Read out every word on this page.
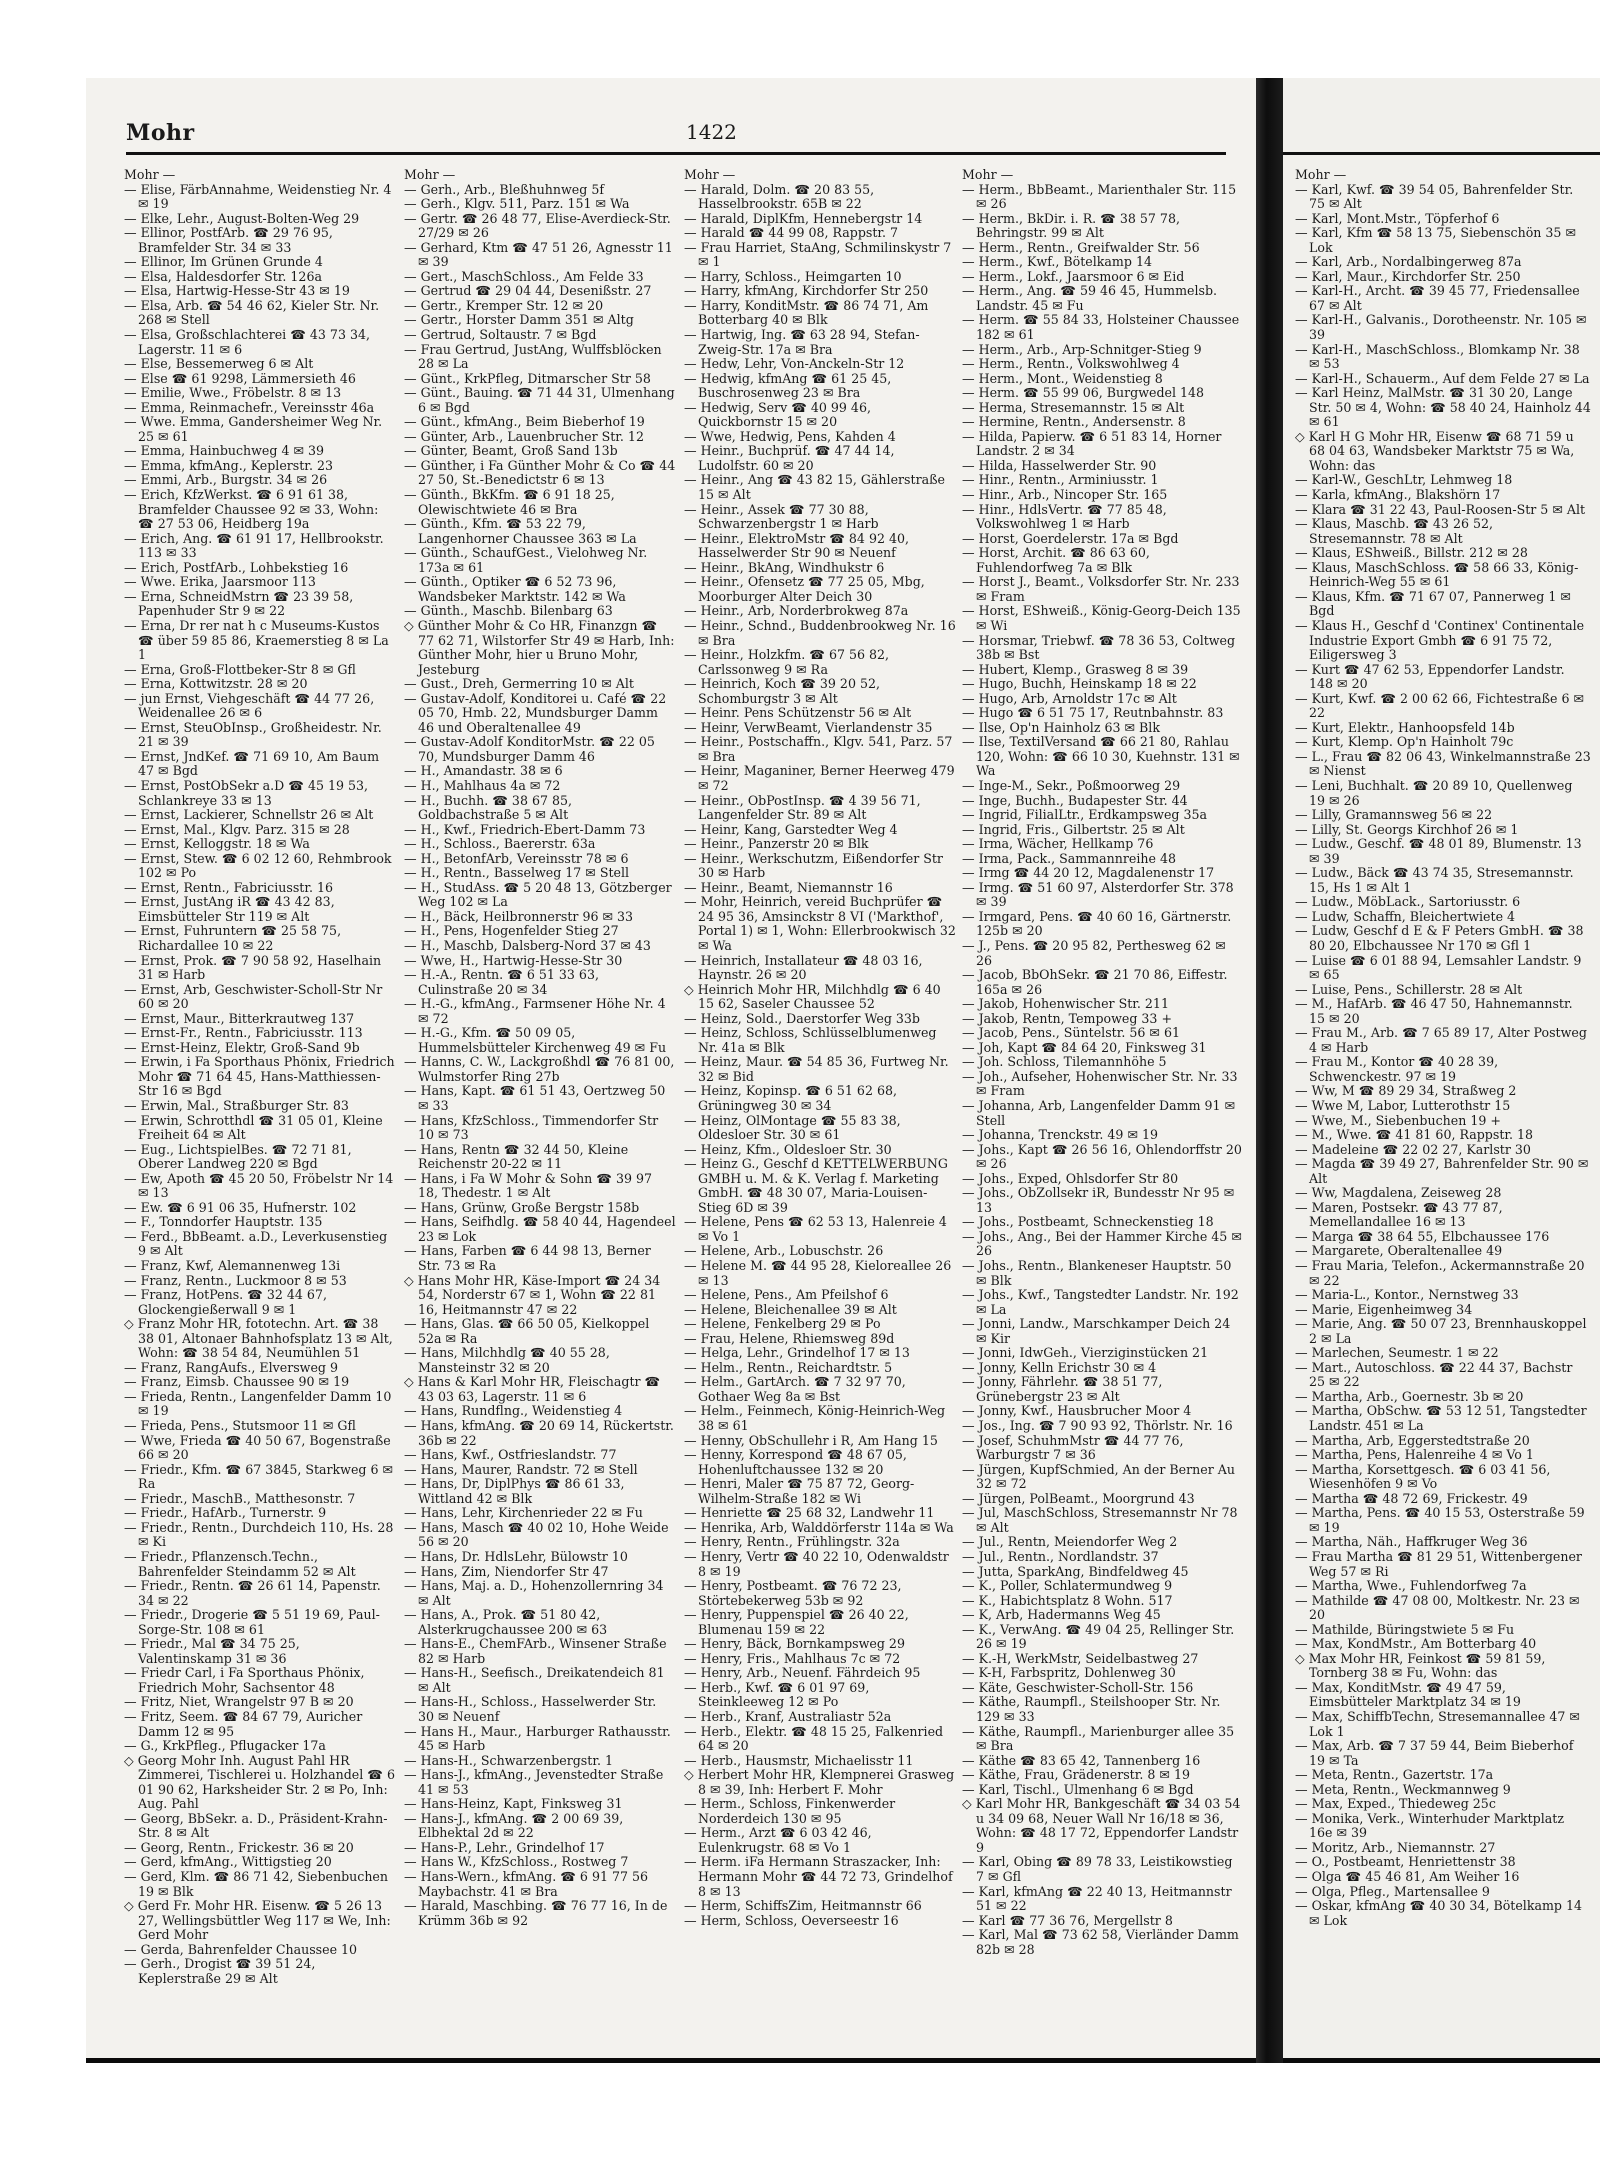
Mohr	1422
Mohr —
— Elise, FärbAnnahme, Weidenstieg Nr. 4 ✉ 19
— Elke, Lehr., August-Bolten-Weg 29
— Ellinor, PostfArb. ☎ 29 76 95, Bramfelder Str. 34 ✉ 33
— Ellinor, Im Grünen Grunde 4
— Elsa, Haldesdorfer Str. 126a
— Elsa, Hartwig-Hesse-Str 43 ✉ 19
— Elsa, Arb. ☎ 54 46 62, Kieler Str. Nr. 268 ✉ Stell
— Elsa, Großschlachterei ☎ 43 73 34, Lagerstr. 11 ✉ 6
— Else, Bessemerweg 6 ✉ Alt
— Else ☎ 61 9298, Lämmersieth 46
— Emilie, Wwe., Fröbelstr. 8 ✉ 13
— Emma, Reinmachefr., Vereinsstr 46a
— Wwe. Emma, Gandersheimer Weg Nr. 25 ✉ 61
— Emma, Hainbuchweg 4 ✉ 39
— Emma, kfmAng., Keplerstr. 23
— Emmi, Arb., Burgstr. 34 ✉ 26
— Erich, KfzWerkst. ☎ 6 91 61 38, Bramfelder Chaussee 92 ✉ 33, Wohn: ☎ 27 53 06, Heidberg 19a
— Erich, Ang. ☎ 61 91 17, Hellbrookstr. 113 ✉ 33
— Erich, PostfArb., Lohbekstieg 16
— Wwe. Erika, Jaarsmoor 113
— Erna, SchneidMstrn ☎ 23 39 58, Papenhuder Str 9 ✉ 22
— Erna, Dr rer nat h c Museums-Kustos ☎ über 59 85 86, Kraemerstieg 8 ✉ La 1
— Erna, Groß-Flottbeker-Str 8 ✉ Gfl
— Erna, Kottwitzstr. 28 ✉ 20
— jun Ernst, Viehgeschäft ☎ 44 77 26, Weidenallee 26 ✉ 6
— Ernst, SteuObInsp., Großheidestr. Nr. 21 ✉ 39
— Ernst, JndKef. ☎ 71 69 10, Am Baum 47 ✉ Bgd
— Ernst, PostObSekr a.D ☎ 45 19 53, Schlankreye 33 ✉ 13
— Ernst, Lackierer, Schnellstr 26 ✉ Alt
— Ernst, Mal., Klgv. Parz. 315 ✉ 28
— Ernst, Kelloggstr. 18 ✉ Wa
— Ernst, Stew. ☎ 6 02 12 60, Rehmbrook 102 ✉ Po
— Ernst, Rentn., Fabriciusstr. 16
— Ernst, JustAng iR ☎ 43 42 83, Eimsbütteler Str 119 ✉ Alt
— Ernst, Fuhruntern ☎ 25 58 75, Richardallee 10 ✉ 22
— Ernst, Prok. ☎ 7 90 58 92, Haselhain 31 ✉ Harb
— Ernst, Arb, Geschwister-Scholl-Str Nr 60 ✉ 20
— Ernst, Maur., Bitterkrautweg 137
— Ernst-Fr., Rentn., Fabriciusstr. 113
— Ernst-Heinz, Elektr, Groß-Sand 9b
— Erwin, i Fa Sporthaus Phönix, Friedrich Mohr ☎ 71 64 45, Hans-Matthiessen-Str 16 ✉ Bgd
— Erwin, Mal., Straßburger Str. 83
— Erwin, Schrotthdl ☎ 31 05 01, Kleine Freiheit 64 ✉ Alt
— Eug., LichtspielBes. ☎ 72 71 81, Oberer Landweg 220 ✉ Bgd
— Ew, Apoth ☎ 45 20 50, Fröbelstr Nr 14 ✉ 13
— Ew. ☎ 6 91 06 35, Hufnerstr. 102
— F., Tonndorfer Hauptstr. 135
— Ferd., BbBeamt. a.D., Leverkusenstieg 9 ✉ Alt
— Franz, Kwf, Alemannenweg 13i
— Franz, Rentn., Luckmoor 8 ✉ 53
— Franz, HotPens. ☎ 32 44 67, Glockengießerwall 9 ✉ 1
◇ Franz Mohr HR, fototechn. Art. ☎ 38 38 01, Altonaer Bahnhofsplatz 13 ✉ Alt, Wohn: ☎ 38 54 84, Neumühlen 51
— Franz, RangAufs., Elversweg 9
— Franz, Eimsb. Chaussee 90 ✉ 19
— Frieda, Rentn., Langenfelder Damm 10 ✉ 19
— Frieda, Pens., Stutsmoor 11 ✉ Gfl
— Wwe, Frieda ☎ 40 50 67, Bogenstraße 66 ✉ 20
— Friedr., Kfm. ☎ 67 3845, Starkweg 6 ✉ Ra
— Friedr., MaschB., Matthesonstr. 7
— Friedr., HafArb., Turnerstr. 9
— Friedr., Rentn., Durchdeich 110, Hs. 28 ✉ Ki
— Friedr., Pflanzensch.Techn., Bahrenfelder Steindamm 52 ✉ Alt
— Friedr., Rentn. ☎ 26 61 14, Papenstr. 34 ✉ 22
— Friedr., Drogerie ☎ 5 51 19 69, Paul-Sorge-Str. 108 ✉ 61
— Friedr., Mal ☎ 34 75 25, Valentinskamp 31 ✉ 36
— Friedr Carl, i Fa Sporthaus Phönix, Friedrich Mohr, Sachsentor 48
— Fritz, Niet, Wrangelstr 97 B ✉ 20
— Fritz, Seem. ☎ 84 67 79, Auricher Damm 12 ✉ 95
— G., KrkPfleg., Pflugacker 17a
◇ Georg Mohr Inh. August Pahl HR Zimmerei, Tischlerei u. Holzhandel ☎ 6 01 90 62, Harksheider Str. 2 ✉ Po, Inh: Aug. Pahl
— Georg, BbSekr. a. D., Präsident-Krahn-Str. 8 ✉ Alt
— Georg, Rentn., Frickestr. 36 ✉ 20
— Gerd, kfmAng., Wittigstieg 20
— Gerd, Klm. ☎ 86 71 42, Siebenbuchen 19 ✉ Blk
◇ Gerd Fr. Mohr HR. Eisenw. ☎ 5 26 13 27, Wellingsbüttler Weg 117 ✉ We, Inh: Gerd Mohr
— Gerda, Bahrenfelder Chaussee 10
— Gerh., Drogist ☎ 39 51 24, Keplerstraße 29 ✉ Alt
Mohr —
— Gerh., Arb., Bleßhuhnweg 5f
— Gerh., Klgv. 511, Parz. 151 ✉ Wa
— Gertr. ☎ 26 48 77, Elise-Averdieck-Str. 27/29 ✉ 26
— Gerhard, Ktm ☎ 47 51 26, Agnesstr 11 ✉ 39
— Gert., MaschSchloss., Am Felde 33
— Gertrud ☎ 29 04 44, Desenißstr. 27
— Gertr., Kremper Str. 12 ✉ 20
— Gertr., Horster Damm 351 ✉ Altg
— Gertrud, Soltaustr. 7 ✉ Bgd
— Frau Gertrud, JustAng, Wulffsblöcken 28 ✉ La
— Günt., KrkPfleg, Ditmarscher Str 58
— Günt., Bauing. ☎ 71 44 31, Ulmenhang 6 ✉ Bgd
— Günt., kfmAng., Beim Bieberhof 19
— Günter, Arb., Lauenbrucher Str. 12
— Günter, Beamt, Groß Sand 13b
— Günther, i Fa Günther Mohr & Co ☎ 44 27 50, St.-Benedictstr 6 ✉ 13
— Günth., BkKfm. ☎ 6 91 18 25, Olewischtwiete 46 ✉ Bra
— Günth., Kfm. ☎ 53 22 79, Langenhorner Chaussee 363 ✉ La
— Günth., SchaufGest., Vielohweg Nr. 173a ✉ 61
— Günth., Optiker ☎ 6 52 73 96, Wandsbeker Marktstr. 142 ✉ Wa
— Günth., Maschb. Bilenbarg 63
◇ Günther Mohr & Co HR, Finanzgn ☎ 77 62 71, Wilstorfer Str 49 ✉ Harb, Inh: Günther Mohr, hier u Bruno Mohr, Jesteburg
— Gust., Dreh, Germerring 10 ✉ Alt
— Gustav-Adolf, Konditorei u. Café ☎ 22 05 70, Hmb. 22, Mundsburger Damm 46 und Oberaltenallee 49
— Gustav-Adolf KonditorMstr. ☎ 22 05 70, Mundsburger Damm 46
— H., Amandastr. 38 ✉ 6
— H., Mahlhaus 4a ✉ 72
— H., Buchh. ☎ 38 67 85, Goldbachstraße 5 ✉ Alt
— H., Kwf., Friedrich-Ebert-Damm 73
— H., Schloss., Baererstr. 63a
— H., BetonfArb, Vereinsstr 78 ✉ 6
— H., Rentn., Basselweg 17 ✉ Stell
— H., StudAss. ☎ 5 20 48 13, Götzberger Weg 102 ✉ La
— H., Bäck, Heilbronnerstr 96 ✉ 33
— H., Pens, Hogenfelder Stieg 27
— H., Maschb, Dalsberg-Nord 37 ✉ 43
— Wwe, H., Hartwig-Hesse-Str 30
— H.-A., Rentn. ☎ 6 51 33 63, Culinstraße 20 ✉ 34
— H.-G., kfmAng., Farmsener Höhe Nr. 4 ✉ 72
— H.-G., Kfm. ☎ 50 09 05, Hummelsbütteler Kirchenweg 49 ✉ Fu
— Hanns, C. W., Lackgroßhdl ☎ 76 81 00, Wulmstorfer Ring 27b
— Hans, Kapt. ☎ 61 51 43, Oertzweg 50 ✉ 33
— Hans, KfzSchloss., Timmendorfer Str 10 ✉ 73
— Hans, Rentn ☎ 32 44 50, Kleine Reichenstr 20-22 ✉ 11
— Hans, i Fa W Mohr & Sohn ☎ 39 97 18, Thedestr. 1 ✉ Alt
— Hans, Grünw, Große Bergstr 158b
— Hans, Seifhdlg. ☎ 58 40 44, Hagendeel 23 ✉ Lok
— Hans, Farben ☎ 6 44 98 13, Berner Str. 73 ✉ Ra
◇ Hans Mohr HR, Käse-Import ☎ 24 34 54, Norderstr 67 ✉ 1, Wohn ☎ 22 81 16, Heitmannstr 47 ✉ 22
— Hans, Glas. ☎ 66 50 05, Kielkoppel 52a ✉ Ra
— Hans, Milchhdlg ☎ 40 55 28, Mansteinstr 32 ✉ 20
◇ Hans & Karl Mohr HR, Fleischagtr ☎ 43 03 63, Lagerstr. 11 ✉ 6
— Hans, Rundflng., Weidenstieg 4
— Hans, kfmAng. ☎ 20 69 14, Rückertstr. 36b ✉ 22
— Hans, Kwf., Ostfrieslandstr. 77
— Hans, Maurer, Randstr. 72 ✉ Stell
— Hans, Dr, DiplPhys ☎ 86 61 33, Wittland 42 ✉ Blk
— Hans, Lehr, Kirchenrieder 22 ✉ Fu
— Hans, Masch ☎ 40 02 10, Hohe Weide 56 ✉ 20
— Hans, Dr. HdlsLehr, Bülowstr 10
— Hans, Zim, Niendorfer Str 47
— Hans, Maj. a. D., Hohenzollernring 34 ✉ Alt
— Hans, A., Prok. ☎ 51 80 42, Alsterkrugchaussee 200 ✉ 63
— Hans-E., ChemFArb., Winsener Straße 82 ✉ Harb
— Hans-H., Seefisch., Dreikatendeich 81 ✉ Alt
— Hans-H., Schloss., Hasselwerder Str. 30 ✉ Neuenf
— Hans H., Maur., Harburger Rathausstr. 45 ✉ Harb
— Hans-H., Schwarzenbergstr. 1
— Hans-J., kfmAng., Jevenstedter Straße 41 ✉ 53
— Hans-Heinz, Kapt, Finksweg 31
— Hans-J., kfmAng. ☎ 2 00 69 39, Elbhektal 2d ✉ 22
— Hans-P., Lehr., Grindelhof 17
— Hans W., KfzSchloss., Rostweg 7
— Hans-Wern., kfmAng. ☎ 6 91 77 56 Maybachstr. 41 ✉ Bra
— Harald, Maschbing. ☎ 76 77 16, In de Krümm 36b ✉ 92
Mohr —
— Harald, Dolm. ☎ 20 83 55, Hasselbrookstr. 65B ✉ 22
— Harald, DiplKfm, Hennebergstr 14
— Harald ☎ 44 99 08, Rappstr. 7
— Frau Harriet, StaAng, Schmilinskystr 7 ✉ 1
— Harry, Schloss., Heimgarten 10
— Harry, kfmAng, Kirchdorfer Str 250
— Harry, KonditMstr. ☎ 86 74 71, Am Botterbarg 40 ✉ Blk
— Hartwig, Ing. ☎ 63 28 94, Stefan-Zweig-Str. 17a ✉ Bra
— Hedw, Lehr, Von-Anckeln-Str 12
— Hedwig, kfmAng ☎ 61 25 45, Buschrosenweg 23 ✉ Bra
— Hedwig, Serv ☎ 40 99 46, Quickbornstr 15 ✉ 20
— Wwe, Hedwig, Pens, Kahden 4
— Heinr., Buchprüf. ☎ 47 44 14, Ludolfstr. 60 ✉ 20
— Heinr., Ang ☎ 43 82 15, Gählerstraße 15 ✉ Alt
— Heinr., Assek ☎ 77 30 88, Schwarzenbergstr 1 ✉ Harb
— Heinr., ElektroMstr ☎ 84 92 40, Hasselwerder Str 90 ✉ Neuenf
— Heinr., BkAng, Windhukstr 6
— Heinr., Ofensetz ☎ 77 25 05, Mbg, Moorburger Alter Deich 30
— Heinr., Arb, Norderbrokweg 87a
— Heinr., Schnd., Buddenbrookweg Nr. 16 ✉ Bra
— Heinr., Holzkfm. ☎ 67 56 82, Carlssonweg 9 ✉ Ra
— Heinrich, Koch ☎ 39 20 52, Schomburgstr 3 ✉ Alt
— Heinr. Pens Schützenstr 56 ✉ Alt
— Heinr, VerwBeamt, Vierlandenstr 35
— Heinr., Postschaffn., Klgv. 541, Parz. 57 ✉ Bra
— Heinr, Maganiner, Berner Heerweg 479 ✉ 72
— Heinr., ObPostInsp. ☎ 4 39 56 71, Langenfelder Str. 89 ✉ Alt
— Heinr, Kang, Garstedter Weg 4
— Heinr., Panzerstr 20 ✉ Blk
— Heinr., Werkschutzm, Eißendorfer Str 30 ✉ Harb
— Heinr., Beamt, Niemannstr 16
— Mohr, Heinrich, vereid Buchprüfer ☎ 24 95 36, Amsinckstr 8 VI ('Markthof', Portal 1) ✉ 1, Wohn: Ellerbrookwisch 32 ✉ Wa
— Heinrich, Installateur ☎ 48 03 16, Haynstr. 26 ✉ 20
◇ Heinrich Mohr HR, Milchhdlg ☎ 6 40 15 62, Saseler Chaussee 52
— Heinz, Sold., Daerstorfer Weg 33b
— Heinz, Schloss, Schlüsselblumenweg Nr. 41a ✉ Blk
— Heinz, Maur. ☎ 54 85 36, Furtweg Nr. 32 ✉ Bid
— Heinz, Kopinsp. ☎ 6 51 62 68, Grüningweg 30 ✉ 34
— Heinz, OlMontage ☎ 55 83 38, Oldesloer Str. 30 ✉ 61
— Heinz, Kfm., Oldesloer Str. 30
— Heinz G., Geschf d KETTELWERBUNG GMBH u. M. & K. Verlag f. Marketing GmbH. ☎ 48 30 07, Maria-Louisen-Stieg 6D ✉ 39
— Helene, Pens ☎ 62 53 13, Halenreie 4 ✉ Vo 1
— Helene, Arb., Lobuschstr. 26
— Helene M. ☎ 44 95 28, Kieloreallee 26 ✉ 13
— Helene, Pens., Am Pfeilshof 6
— Helene, Bleichenallee 39 ✉ Alt
— Helene, Fenkelberg 29 ✉ Po
— Frau, Helene, Rhiemsweg 89d
— Helga, Lehr., Grindelhof 17 ✉ 13
— Helm., Rentn., Reichardtstr. 5
— Helm., GartArch. ☎ 7 32 97 70, Gothaer Weg 8a ✉ Bst
— Helm., Feinmech, König-Heinrich-Weg 38 ✉ 61
— Henny, ObSchullehr i R, Am Hang 15
— Henny, Korrespond ☎ 48 67 05, Hohenluftchaussee 132 ✉ 20
— Henri, Maler ☎ 75 87 72, Georg-Wilhelm-Straße 182 ✉ Wi
— Henriette ☎ 25 68 32, Landwehr 11
— Henrika, Arb, Walddörferstr 114a ✉ Wa
— Henry, Rentn., Frühlingstr. 32a
— Henry, Vertr ☎ 40 22 10, Odenwaldstr 8 ✉ 19
— Henry, Postbeamt. ☎ 76 72 23, Störtebekerweg 53b ✉ 92
— Henry, Puppenspiel ☎ 26 40 22, Blumenau 159 ✉ 22
— Henry, Bäck, Bornkampsweg 29
— Henry, Fris., Mahlhaus 7c ✉ 72
— Henry, Arb., Neuenf. Fährdeich 95
— Herb., Kwf. ☎ 6 01 97 69, Steinkleeweg 12 ✉ Po
— Herb., Kranf, Australiastr 52a
— Herb., Elektr. ☎ 48 15 25, Falkenried 64 ✉ 20
— Herb., Hausmstr, Michaelisstr 11
◇ Herbert Mohr HR, Klempnerei Grasweg 8 ✉ 39, Inh: Herbert F. Mohr
— Herm., Schloss, Finkenwerder Norderdeich 130 ✉ 95
— Herm., Arzt ☎ 6 03 42 46, Eulenkrugstr. 68 ✉ Vo 1
— Herm. iFa Hermann Straszacker, Inh: Hermann Mohr ☎ 44 72 73, Grindelhof 8 ✉ 13
— Herm, SchiffsZim, Heitmannstr 66
— Herm, Schloss, Oeverseestr 16
Mohr —
— Herm., BbBeamt., Marienthaler Str. 115 ✉ 26
— Herm., BkDir. i. R. ☎ 38 57 78, Behringstr. 99 ✉ Alt
— Herm., Rentn., Greifwalder Str. 56
— Herm., Kwf., Bötelkamp 14
— Herm., Lokf., Jaarsmoor 6 ✉ Eid
— Herm., Ang. ☎ 59 46 45, Hummelsb. Landstr. 45 ✉ Fu
— Herm. ☎ 55 84 33, Holsteiner Chaussee 182 ✉ 61
— Herm., Arb., Arp-Schnitger-Stieg 9
— Herm., Rentn., Volkswohlweg 4
— Herm., Mont., Weidenstieg 8
— Herm. ☎ 55 99 06, Burgwedel 148
— Herma, Stresemannstr. 15 ✉ Alt
— Hermine, Rentn., Andersenstr. 8
— Hilda, Papierw. ☎ 6 51 83 14, Horner Landstr. 2 ✉ 34
— Hilda, Hasselwerder Str. 90
— Hinr., Rentn., Arminiusstr. 1
— Hinr., Arb., Nincoper Str. 165
— Hinr., HdlsVertr. ☎ 77 85 48, Volkswohlweg 1 ✉ Harb
— Horst, Goerdelerstr. 17a ✉ Bgd
— Horst, Archit. ☎ 86 63 60, Fuhlendorfweg 7a ✉ Blk
— Horst J., Beamt., Volksdorfer Str. Nr. 233 ✉ Fram
— Horst, EShweiß., König-Georg-Deich 135 ✉ Wi
— Horsmar, Triebwf. ☎ 78 36 53, Coltweg 38b ✉ Bst
— Hubert, Klemp., Grasweg 8 ✉ 39
— Hugo, Buchh, Heinskamp 18 ✉ 22
— Hugo, Arb, Arnoldstr 17c ✉ Alt
— Hugo ☎ 6 51 75 17, Reutnbahnstr. 83
— Ilse, Op'n Hainholz 63 ✉ Blk
— Ilse, TextilVersand ☎ 66 21 80, Rahlau 120, Wohn: ☎ 66 10 30, Kuehnstr. 131 ✉ Wa
— Inge-M., Sekr., Poßmoorweg 29
— Inge, Buchh., Budapester Str. 44
— Ingrid, FilialLtr., Erdkampsweg 35a
— Ingrid, Fris., Gilbertstr. 25 ✉ Alt
— Irma, Wächer, Hellkamp 76
— Irma, Pack., Sammannreihe 48
— Irmg ☎ 44 20 12, Magdalenenstr 17
— Irmg. ☎ 51 60 97, Alsterdorfer Str. 378 ✉ 39
— Irmgard, Pens. ☎ 40 60 16, Gärtnerstr. 125b ✉ 20
— J., Pens. ☎ 20 95 82, Perthesweg 62 ✉ 26
— Jacob, BbOhSekr. ☎ 21 70 86, Eiffestr. 165a ✉ 26
— Jakob, Hohenwischer Str. 211
— Jakob, Rentn, Tempoweg 33 +
— Jacob, Pens., Süntelstr. 56 ✉ 61
— Joh, Kapt ☎ 84 64 20, Finksweg 31
— Joh. Schloss, Tilemannhöhe 5
— Joh., Aufseher, Hohenwischer Str. Nr. 33 ✉ Fram
— Johanna, Arb, Langenfelder Damm 91 ✉ Stell
— Johanna, Trenckstr. 49 ✉ 19
— Johs., Kapt ☎ 26 56 16, Ohlendorffstr 20 ✉ 26
— Johs., Exped, Ohlsdorfer Str 80
— Johs., ObZollsekr iR, Bundesstr Nr 95 ✉ 13
— Johs., Postbeamt, Schneckenstieg 18
— Johs., Ang., Bei der Hammer Kirche 45 ✉ 26
— Johs., Rentn., Blankeneser Hauptstr. 50 ✉ Blk
— Johs., Kwf., Tangstedter Landstr. Nr. 192 ✉ La
— Jonni, Landw., Marschkamper Deich 24 ✉ Kir
— Jonni, IdwGeh., Vierziginstücken 21
— Jonny, Kelln Erichstr 30 ✉ 4
— Jonny, Fährlehr. ☎ 38 51 77, Grünebergstr 23 ✉ Alt
— Jonny, Kwf., Hausbrucher Moor 4
— Jos., Ing. ☎ 7 90 93 92, Thörlstr. Nr. 16
— Josef, SchuhmMstr ☎ 44 77 76, Warburgstr 7 ✉ 36
— Jürgen, KupfSchmied, An der Berner Au 32 ✉ 72
— Jürgen, PolBeamt., Moorgrund 43
— Jul, MaschSchloss, Stresemannstr Nr 78 ✉ Alt
— Jul., Rentn, Meiendorfer Weg 2
— Jul., Rentn., Nordlandstr. 37
— Jutta, SparkAng, Bindfeldweg 45
— K., Poller, Schlatermundweg 9
— K., Habichtsplatz 8 Wohn. 517
— K, Arb, Hadermanns Weg 45
— K., VerwAng. ☎ 49 04 25, Rellinger Str. 26 ✉ 19
— K.-H, WerkMstr, Seidelbastweg 27
— K-H, Farbspritz, Dohlenweg 30
— Käte, Geschwister-Scholl-Str. 156
— Käthe, Raumpfl., Steilshooper Str. Nr. 129 ✉ 33
— Käthe, Raumpfl., Marienburger allee 35 ✉ Bra
— Käthe ☎ 83 65 42, Tannenberg 16
— Käthe, Frau, Grädenerstr. 8 ✉ 19
— Karl, Tischl., Ulmenhang 6 ✉ Bgd
◇ Karl Mohr HR, Bankgeschäft ☎ 34 03 54 u 34 09 68, Neuer Wall Nr 16/18 ✉ 36, Wohn: ☎ 48 17 72, Eppendorfer Landstr 9
— Karl, Obing ☎ 89 78 33, Leistikowstieg 7 ✉ Gfl
— Karl, kfmAng ☎ 22 40 13, Heitmannstr 51 ✉ 22
— Karl ☎ 77 36 76, Mergellstr 8
— Karl, Mal ☎ 73 62 58, Vierländer Damm 82b ✉ 28
Mohr —
— Karl, Kwf. ☎ 39 54 05, Bahrenfelder Str. 75 ✉ Alt
— Karl, Mont.Mstr., Töpferhof 6
— Karl, Kfm ☎ 58 13 75, Siebenschön 35 ✉ Lok
— Karl, Arb., Nordalbingerweg 87a
— Karl, Maur., Kirchdorfer Str. 250
— Karl-H., Archt. ☎ 39 45 77, Friedensallee 67 ✉ Alt
— Karl-H., Galvanis., Dorotheenstr. Nr. 105 ✉ 39
— Karl-H., MaschSchloss., Blomkamp Nr. 38 ✉ 53
— Karl-H., Schauerm., Auf dem Felde 27 ✉ La
— Karl Heinz, MalMstr. ☎ 31 30 20, Lange Str. 50 ✉ 4, Wohn: ☎ 58 40 24, Hainholz 44 ✉ 61
◇ Karl H G Mohr HR, Eisenw ☎ 68 71 59 u 68 04 63, Wandsbeker Marktstr 75 ✉ Wa, Wohn: das
— Karl-W., GeschLtr, Lehmweg 18
— Karla, kfmAng., Blakshörn 17
— Klara ☎ 31 22 43, Paul-Roosen-Str 5 ✉ Alt
— Klaus, Maschb. ☎ 43 26 52, Stresemannstr. 78 ✉ Alt
— Klaus, EShweiß., Billstr. 212 ✉ 28
— Klaus, MaschSchloss. ☎ 58 66 33, König-Heinrich-Weg 55 ✉ 61
— Klaus, Kfm. ☎ 71 67 07, Pannerweg 1 ✉ Bgd
— Klaus H., Geschf d 'Continex' Continentale Industrie Export Gmbh ☎ 6 91 75 72, Eiligersweg 3
— Kurt ☎ 47 62 53, Eppendorfer Landstr. 148 ✉ 20
— Kurt, Kwf. ☎ 2 00 62 66, Fichtestraße 6 ✉ 22
— Kurt, Elektr., Hanhoopsfeld 14b
— Kurt, Klemp. Op'n Hainholt 79c
— L., Frau ☎ 82 06 43, Winkelmannstraße 23 ✉ Nienst
— Leni, Buchhalt. ☎ 20 89 10, Quellenweg 19 ✉ 26
— Lilly, Gramannsweg 56 ✉ 22
— Lilly, St. Georgs Kirchhof 26 ✉ 1
— Ludw., Geschf. ☎ 48 01 89, Blumenstr. 13 ✉ 39
— Ludw., Bäck ☎ 43 74 35, Stresemannstr. 15, Hs 1 ✉ Alt 1
— Ludw., MöbLack., Sartoriusstr. 6
— Ludw, Schaffn, Bleichertwiete 4
— Ludw, Geschf d E & F Peters GmbH. ☎ 38 80 20, Elbchaussee Nr 170 ✉ Gfl 1
— Luise ☎ 6 01 88 94, Lemsahler Landstr. 9 ✉ 65
— Luise, Pens., Schillerstr. 28 ✉ Alt
— M., HafArb. ☎ 46 47 50, Hahnemannstr. 15 ✉ 20
— Frau M., Arb. ☎ 7 65 89 17, Alter Postweg 4 ✉ Harb
— Frau M., Kontor ☎ 40 28 39, Schwenckestr. 97 ✉ 19
— Ww, M ☎ 89 29 34, Straßweg 2
— Wwe M, Labor, Lutterothstr 15
— Wwe, M., Siebenbuchen 19 +
— M., Wwe. ☎ 41 81 60, Rappstr. 18
— Madeleine ☎ 22 02 27, Karlstr 30
— Magda ☎ 39 49 27, Bahrenfelder Str. 90 ✉ Alt
— Ww, Magdalena, Zeiseweg 28
— Maren, Postsekr. ☎ 43 77 87, Memellandallee 16 ✉ 13
— Marga ☎ 38 64 55, Elbchaussee 176
— Margarete, Oberaltenallee 49
— Frau Maria, Telefon., Ackermannstraße 20 ✉ 22
— Maria-L., Kontor., Nernstweg 33
— Marie, Eigenheimweg 34
— Marie, Ang. ☎ 50 07 23, Brennhauskoppel 2 ✉ La
— Marlechen, Seumestr. 1 ✉ 22
— Mart., Autoschloss. ☎ 22 44 37, Bachstr 25 ✉ 22
— Martha, Arb., Goernestr. 3b ✉ 20
— Martha, ObSchw. ☎ 53 12 51, Tangstedter Landstr. 451 ✉ La
— Martha, Arb, Eggerstedtstraße 20
— Martha, Pens, Halenreihe 4 ✉ Vo 1
— Martha, Korsettgesch. ☎ 6 03 41 56, Wiesenhöfen 9 ✉ Vo
— Martha ☎ 48 72 69, Frickestr. 49
— Martha, Pens. ☎ 40 15 53, Osterstraße 59 ✉ 19
— Martha, Näh., Haffkruger Weg 36
— Frau Martha ☎ 81 29 51, Wittenbergener Weg 57 ✉ Ri
— Martha, Wwe., Fuhlendorfweg 7a
— Mathilde ☎ 47 08 00, Moltkestr. Nr. 23 ✉ 20
— Mathilde, Büringstwiete 5 ✉ Fu
— Max, KondMstr., Am Botterbarg 40
◇ Max Mohr HR, Feinkost ☎ 59 81 59, Tornberg 38 ✉ Fu, Wohn: das
— Max, KonditMstr. ☎ 49 47 59, Eimsbütteler Marktplatz 34 ✉ 19
— Max, SchiffbTechn, Stresemannallee 47 ✉ Lok 1
— Max, Arb. ☎ 7 37 59 44, Beim Bieberhof 19 ✉ Ta
— Meta, Rentn., Gazertstr. 17a
— Meta, Rentn., Weckmannweg 9
— Max, Exped., Thiedeweg 25c
— Monika, Verk., Winterhuder Marktplatz 16e ✉ 39
— Moritz, Arb., Niemannstr. 27
— O., Postbeamt, Henriettenstr 38
— Olga ☎ 45 46 81, Am Weiher 16
— Olga, Pfleg., Martensallee 9
— Oskar, kfmAng ☎ 40 30 34, Bötelkamp 14 ✉ Lok
